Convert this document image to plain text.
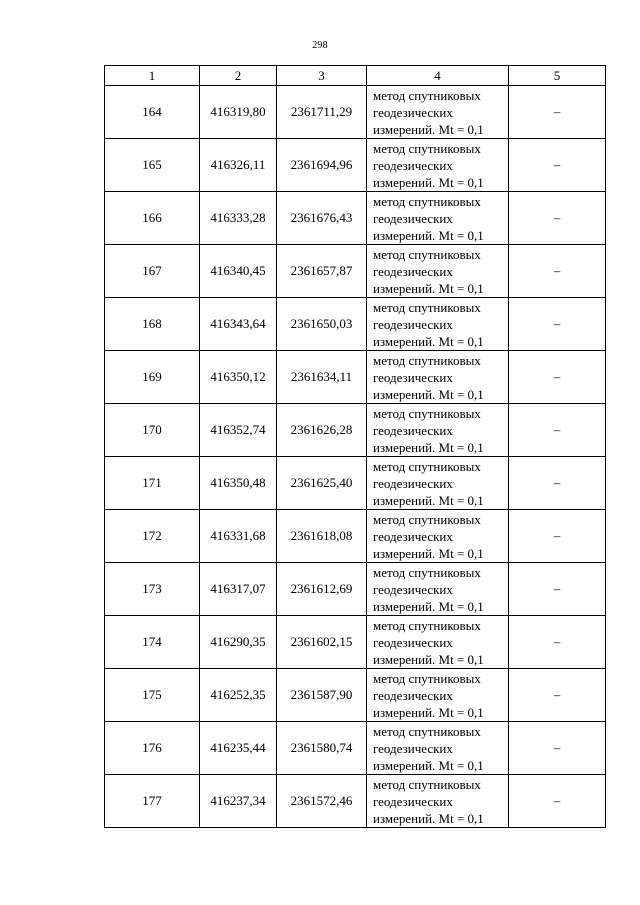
298
1	2	3	4	5
164	416319,80	2361711,29	метод спутниковых
геодезических
измерений. Mt = 0,1	–
165	416326,11	2361694,96	метод спутниковых
геодезических
измерений. Mt = 0,1	–
166	416333,28	2361676,43	метод спутниковых
геодезических
измерений. Mt = 0,1	–
167	416340,45	2361657,87	метод спутниковых
геодезических
измерений. Mt = 0,1	–
168	416343,64	2361650,03	метод спутниковых
геодезических
измерений. Mt = 0,1	–
169	416350,12	2361634,11	метод спутниковых
геодезических
измерений. Mt = 0,1	–
170	416352,74	2361626,28	метод спутниковых
геодезических
измерений. Mt = 0,1	–
171	416350,48	2361625,40	метод спутниковых
геодезических
измерений. Mt = 0,1	–
172	416331,68	2361618,08	метод спутниковых
геодезических
измерений. Mt = 0,1	–
173	416317,07	2361612,69	метод спутниковых
геодезических
измерений. Mt = 0,1	–
174	416290,35	2361602,15	метод спутниковых
геодезических
измерений. Mt = 0,1	–
175	416252,35	2361587,90	метод спутниковых
геодезических
измерений. Mt = 0,1	–
176	416235,44	2361580,74	метод спутниковых
геодезических
измерений. Mt = 0,1	–
177	416237,34	2361572,46	метод спутниковых
геодезических
измерений. Mt = 0,1	–
